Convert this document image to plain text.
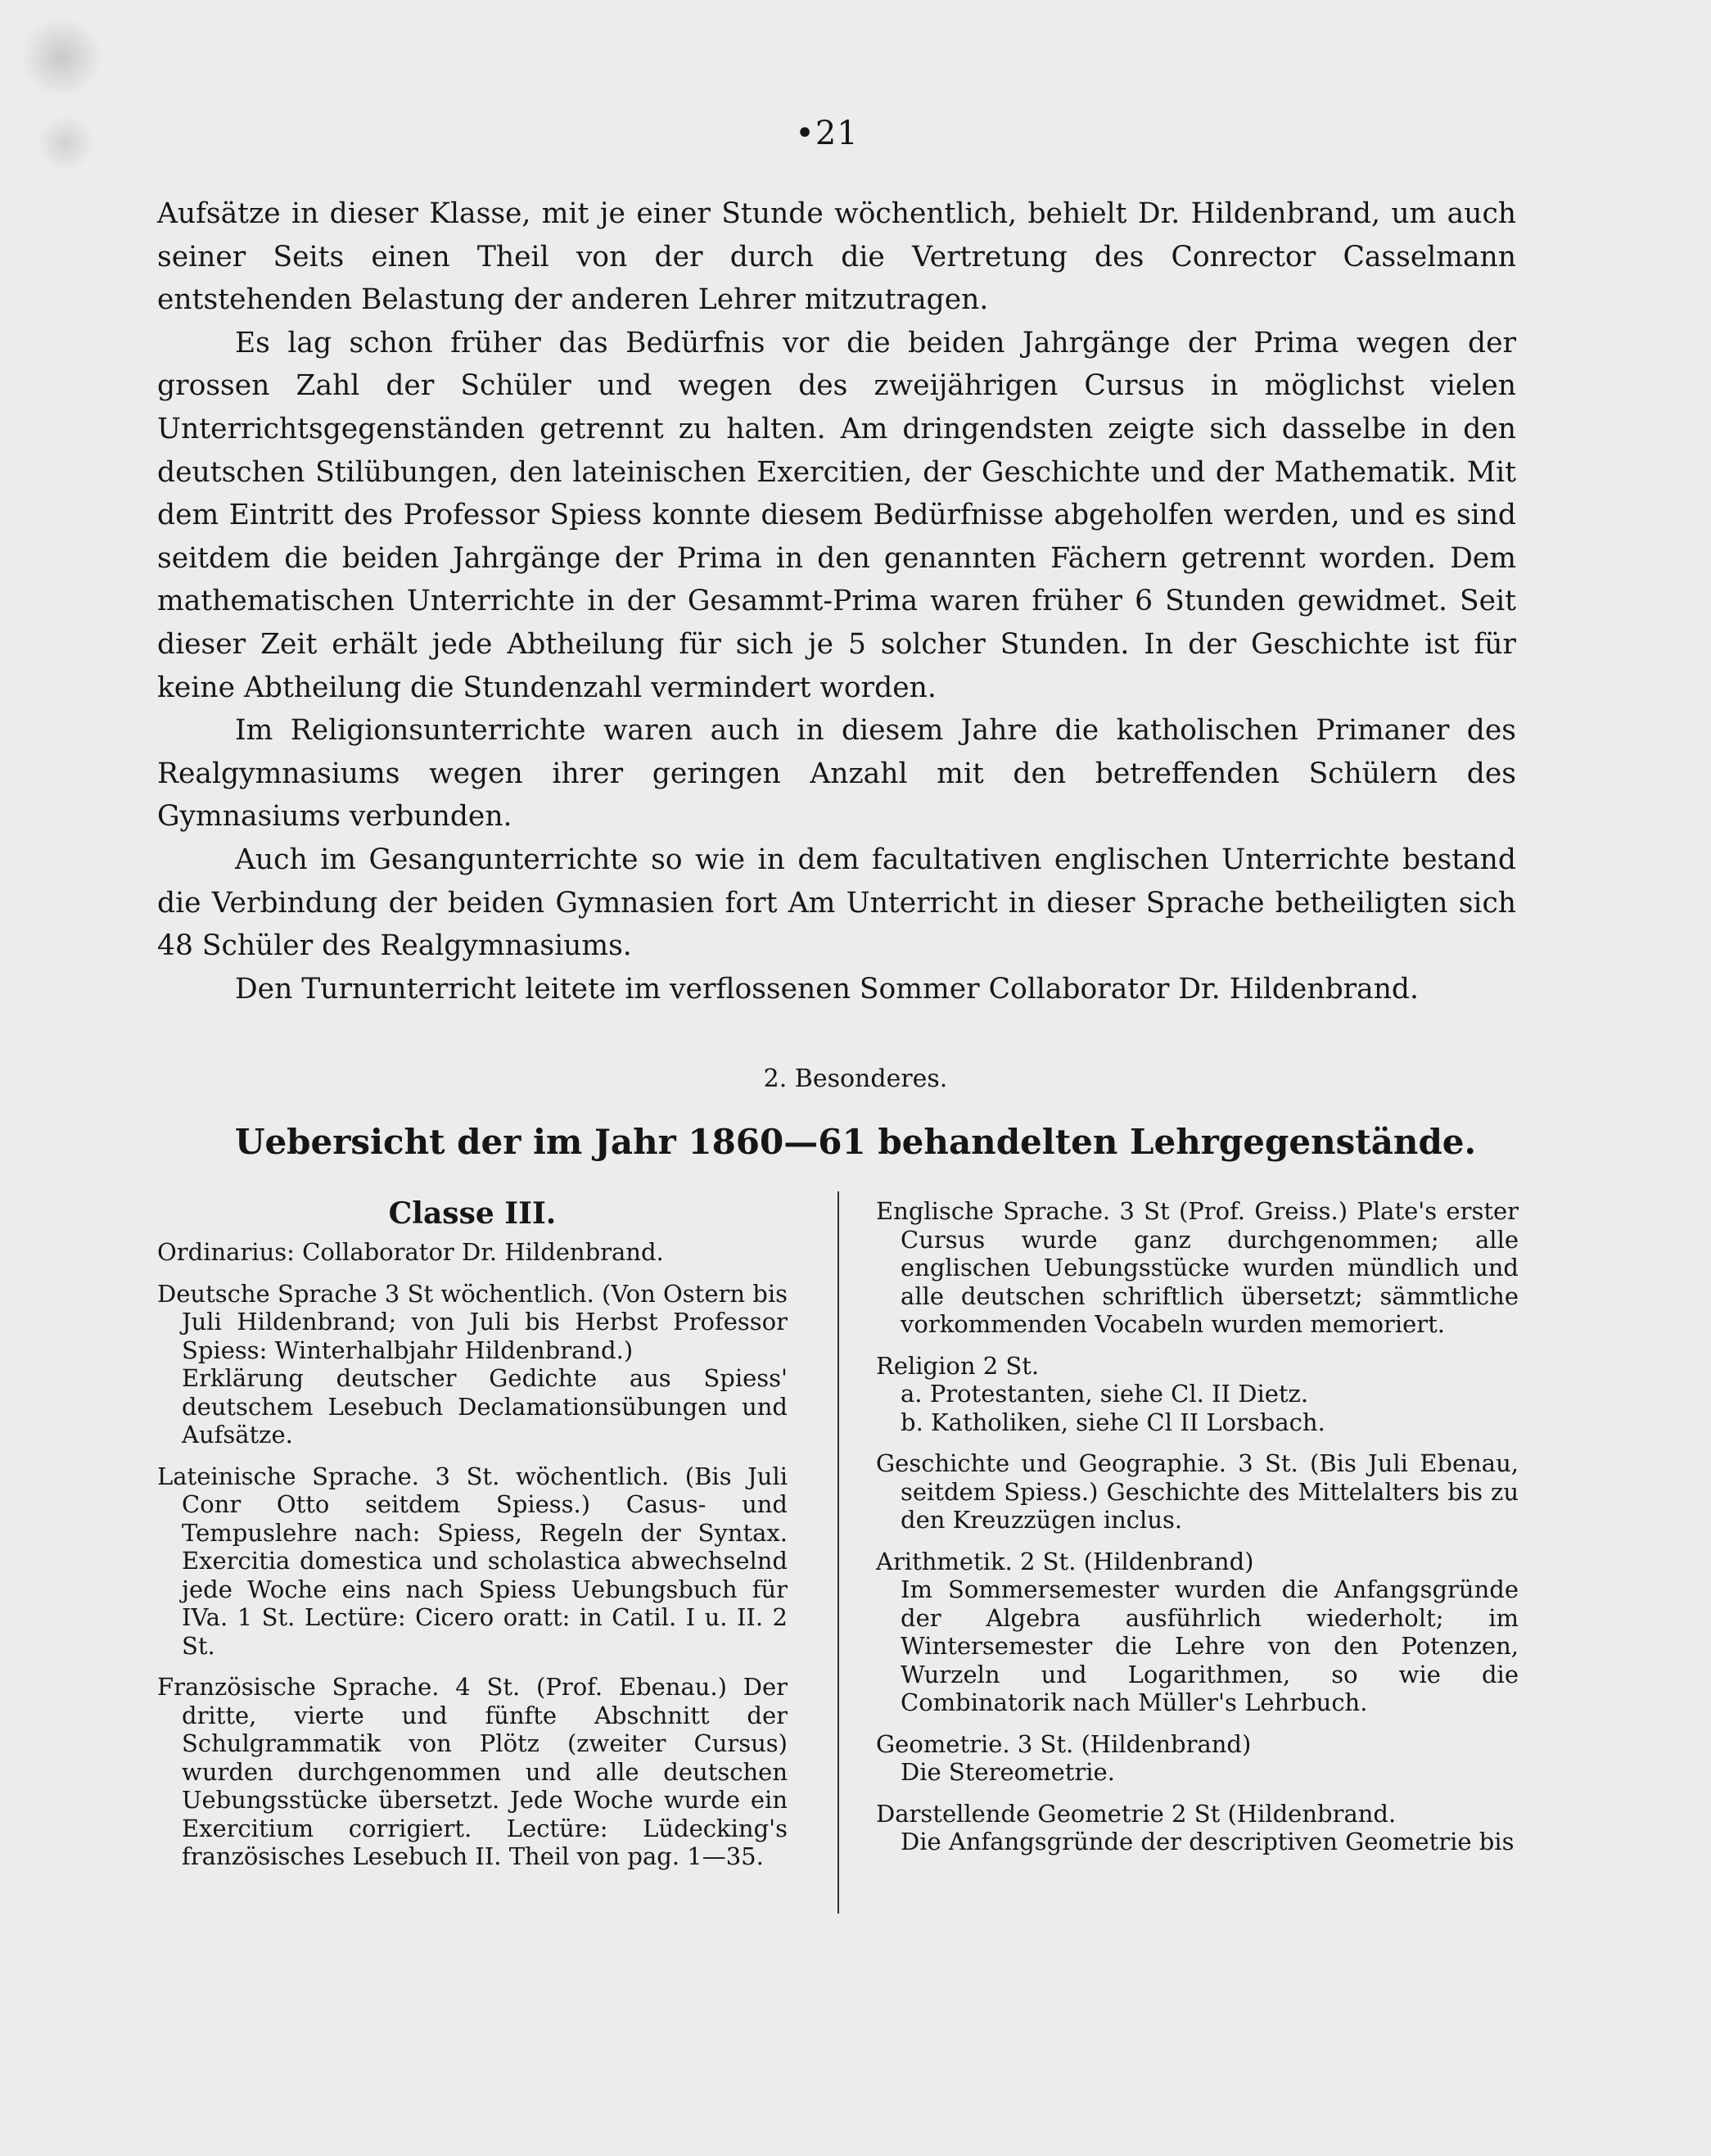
•21

Aufsätze in dieser Klasse, mit je einer Stunde wöchentlich, behielt Dr. Hildenbrand, um auch seiner Seits einen Theil von der durch die Vertretung des Conrector Casselmann entstehenden Belastung der anderen Lehrer mitzutragen.

Es lag schon früher das Bedürfnis vor die beiden Jahrgänge der Prima wegen der grossen Zahl der Schüler und wegen des zweijährigen Cursus in möglichst vielen Unterrichtsgegenständen getrennt zu halten. Am dringendsten zeigte sich dasselbe in den deutschen Stilübungen, den lateinischen Exercitien, der Geschichte und der Mathematik. Mit dem Eintritt des Professor Spiess konnte diesem Bedürfnisse abgeholfen werden, und es sind seitdem die beiden Jahrgänge der Prima in den genannten Fächern getrennt worden. Dem mathematischen Unterrichte in der Gesammt-Prima waren früher 6 Stunden gewidmet. Seit dieser Zeit erhält jede Abtheilung für sich je 5 solcher Stunden. In der Geschichte ist für keine Abtheilung die Stundenzahl vermindert worden.

Im Religionsunterrichte waren auch in diesem Jahre die katholischen Primaner des Realgymnasiums wegen ihrer geringen Anzahl mit den betreffenden Schülern des Gymnasiums verbunden.

Auch im Gesangunterrichte so wie in dem facultativen englischen Unterrichte bestand die Verbindung der beiden Gymnasien fort Am Unterricht in dieser Sprache betheiligten sich 48 Schüler des Realgymnasiums.

Den Turnunterricht leitete im verflossenen Sommer Collaborator Dr. Hildenbrand.

2. Besonderes.
Uebersicht der im Jahr 1860—61 behandelten Lehrgegenstände.
Classe III.
Ordinarius: Collaborator Dr. Hildenbrand.
Deutsche Sprache 3 St wöchentlich. (Von Ostern bis Juli Hildenbrand; von Juli bis Herbst Professor Spiess: Winterhalbjahr Hildenbrand.)
Erklärung deutscher Gedichte aus Spiess' deutschem Lesebuch Declamationsübungen und Aufsätze.
Lateinische Sprache. 3 St. wöchentlich. (Bis Juli Conr Otto seitdem Spiess.) Casus- und Tempuslehre nach: Spiess, Regeln der Syntax. Exercitia domestica und scholastica abwechselnd jede Woche eins nach Spiess Uebungsbuch für IVa. 1 St. Lectüre: Cicero oratt: in Catil. I u. II. 2 St.
Französische Sprache. 4 St. (Prof. Ebenau.) Der dritte, vierte und fünfte Abschnitt der Schulgrammatik von Plötz (zweiter Cursus) wurden durchgenommen und alle deutschen Uebungsstücke übersetzt. Jede Woche wurde ein Exercitium corrigiert. Lectüre: Lüdecking's französisches Lesebuch II. Theil von pag. 1—35.
Englische Sprache. 3 St (Prof. Greiss.) Plate's erster Cursus wurde ganz durchgenommen; alle englischen Uebungsstücke wurden mündlich und alle deutschen schriftlich übersetzt; sämmtliche vorkommenden Vocabeln wurden memoriert.
Religion 2 St.
a. Protestanten, siehe Cl. II Dietz.
b. Katholiken, siehe Cl II Lorsbach.
Geschichte und Geographie. 3 St. (Bis Juli Ebenau, seitdem Spiess.) Geschichte des Mittelalters bis zu den Kreuzzügen inclus.
Arithmetik. 2 St. (Hildenbrand)
Im Sommersemester wurden die Anfangsgründe der Algebra ausführlich wiederholt; im Wintersemester die Lehre von den Potenzen, Wurzeln und Logarithmen, so wie die Combinatorik nach Müller's Lehrbuch.
Geometrie. 3 St. (Hildenbrand)
Die Stereometrie.
Darstellende Geometrie 2 St (Hildenbrand.
Die Anfangsgründe der descriptiven Geometrie bis
